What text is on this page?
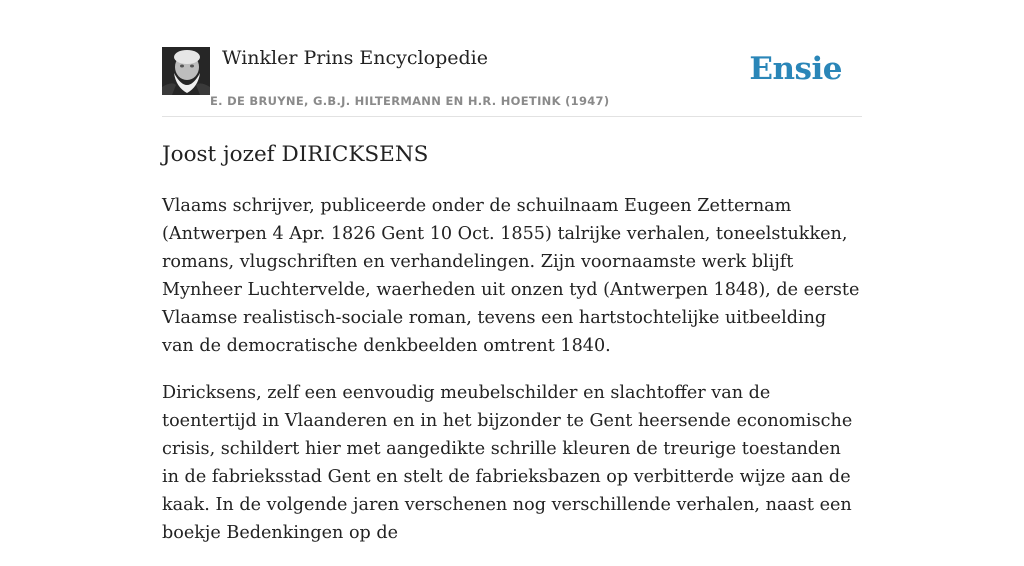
Winkler Prins Encyclopedie
E. DE BRUYNE, G.B.J. HILTERMANN EN H.R. HOETINK (1947)
Ensie
Joost jozef DIRICKSENS

Vlaams schrijver, publiceerde onder de schuilnaam Eugeen Zetternam (Antwerpen 4 Apr. 1826 Gent 10 Oct. 1855) talrijke verhalen, toneelstukken, romans, vlugschriften en verhandelingen. Zijn voornaamste werk blijft Mynheer Luchtervelde, waerheden uit onzen tyd (Antwerpen 1848), de eerste Vlaamse realistisch-sociale roman, tevens een hartstochtelijke uitbeelding van de democratische denkbeelden omtrent 1840.

Diricksens, zelf een eenvoudig meubelschilder en slachtoffer van de toentertijd in Vlaanderen en in het bijzonder te Gent heersende economische crisis, schildert hier met aangedikte schrille kleuren de treurige toestanden in de fabrieksstad Gent en stelt de fabrieksbazen op verbitterde wijze aan de kaak. In de volgende jaren verschenen nog verschillende verhalen, naast een boekje Bedenkingen op de
